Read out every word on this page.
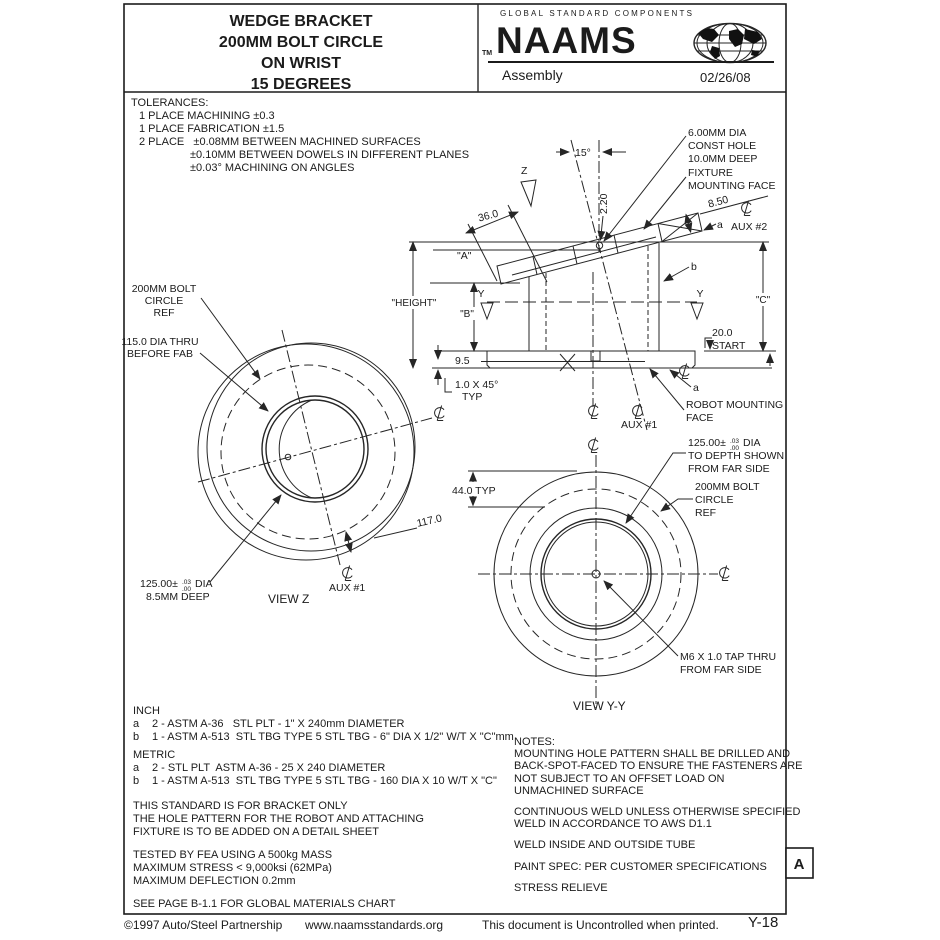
15°
2.20
Z
36.0
8.50
a AUX #2
6.00MM DIA
CONST HOLE
10.0MM DEEP
FIXTURE
MOUNTING FACE
b
"HEIGHT"
"A"
"B"
"C"
Y	Y
20.0
START
9.5
1.0 X 45°
TYP
a
ROBOT MOUNTING
FACE
AUX #1
AUX #1
200MM BOLT
CIRCLE
REF
115.0 DIA THRU
BEFORE FAB
125.00± .03
.00 DIA
8.5MM DEEP
117.0
VIEW Z
44.0 TYP
125.00± .03
.00 DIA
TO DEPTH SHOWN
FROM FAR SIDE
200MM BOLT
CIRCLE
REF
M6 X 1.0 TAP THRU
FROM FAR SIDE
VIEW Y-Y
A
WEDGE BRACKET
200MM BOLT CIRCLE
ON WRIST
15 DEGREES
GLOBAL STANDARD COMPONENTS
TM NAAMS
Assembly	02/26/08
TOLERANCES:
1 PLACE MACHINING ±0.3
1 PLACE FABRICATION ±1.5
2 PLACE   ±0.08MM BETWEEN MACHINED SURFACES
±0.10MM BETWEEN DOWELS IN DIFFERENT PLANES
±0.03° MACHINING ON ANGLES
INCH
a	2 - ASTM A-36   STL PLT - 1" X 240mm DIAMETER
b	1 - ASTM A-513  STL TBG TYPE 5 STL TBG - 6" DIA X 1/2" W/T X "C"mm
METRIC
a	2 - STL PLT  ASTM A-36 - 25 X 240 DIAMETER
b	1 - ASTM A-513  STL TBG TYPE 5 STL TBG - 160 DIA X 10 W/T X "C"
THIS STANDARD IS FOR BRACKET ONLY
THE HOLE PATTERN FOR THE ROBOT AND ATTACHING
FIXTURE IS TO BE ADDED ON A DETAIL SHEET
TESTED BY FEA USING A 500kg MASS
MAXIMUM STRESS < 9,000ksi (62MPa)
MAXIMUM DEFLECTION 0.2mm
SEE PAGE B-1.1 FOR GLOBAL MATERIALS CHART
NOTES:
MOUNTING HOLE PATTERN SHALL BE DRILLED AND
BACK-SPOT-FACED TO ENSURE THE FASTENERS ARE
NOT SUBJECT TO AN OFFSET LOAD ON
UNMACHINED SURFACE
CONTINUOUS WELD UNLESS OTHERWISE SPECIFIED
WELD IN ACCORDANCE TO AWS D1.1
WELD INSIDE AND OUTSIDE TUBE
PAINT SPEC: PER CUSTOMER SPECIFICATIONS
STRESS RELIEVE
©1997 Auto/Steel Partnership www.naamsstandards.org	This document is Uncontrolled when printed. Y-18
